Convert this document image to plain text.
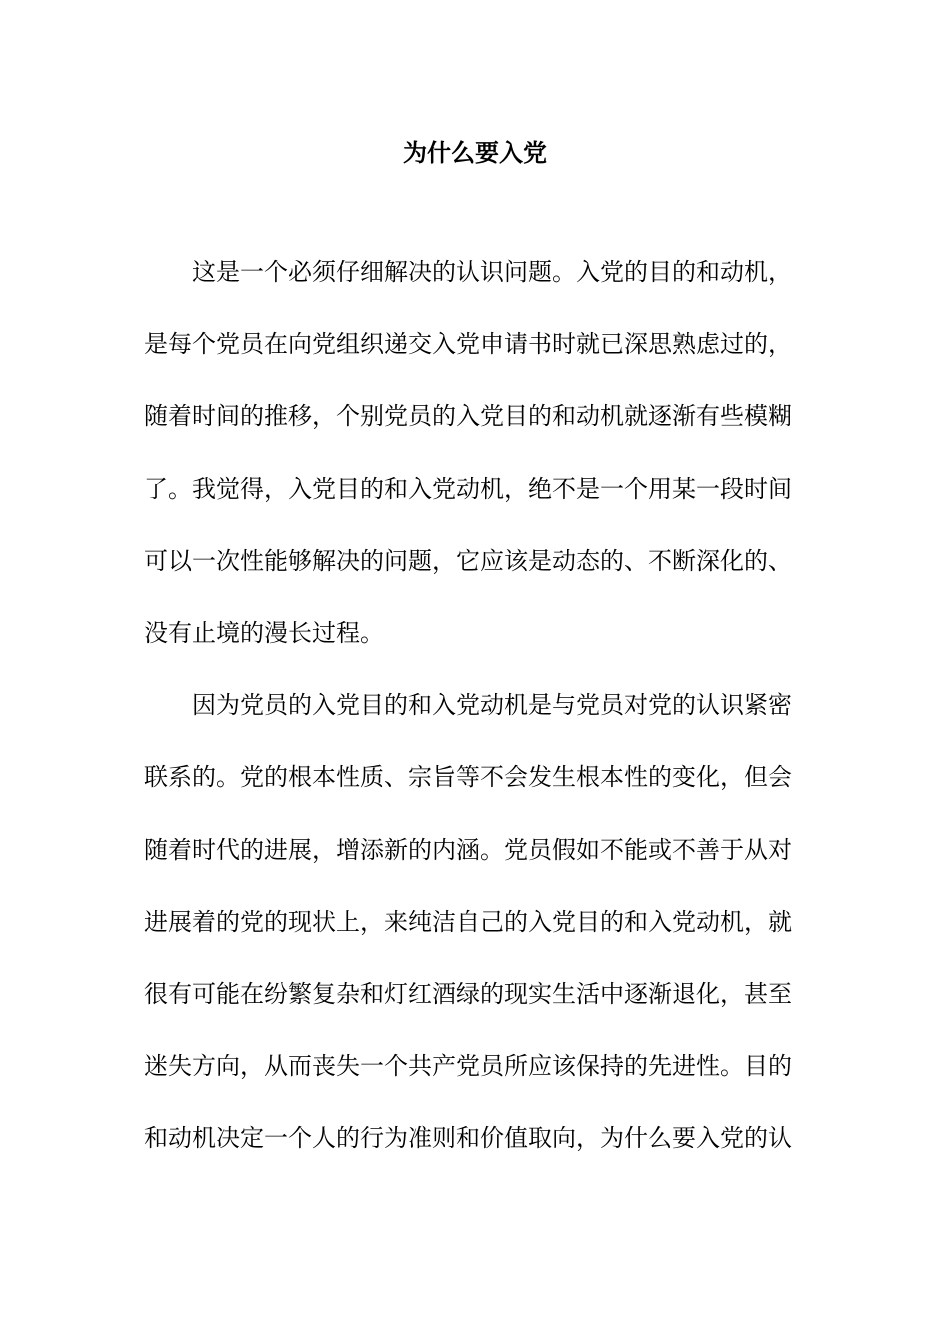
为什么要入党
这是一个必须仔细解决的认识问题。入党的目的和动机，
是每个党员在向党组织递交入党申请书时就已深思熟虑过的，
随着时间的推移，个别党员的入党目的和动机就逐渐有些模糊
了。我觉得，入党目的和入党动机，绝不是一个用某一段时间
可以一次性能够解决的问题，它应该是动态的、不断深化的、
没有止境的漫长过程。
因为党员的入党目的和入党动机是与党员对党的认识紧密
联系的。党的根本性质、宗旨等不会发生根本性的变化，但会
随着时代的进展，增添新的内涵。党员假如不能或不善于从对
进展着的党的现状上，来纯洁自己的入党目的和入党动机，就
很有可能在纷繁复杂和灯红酒绿的现实生活中逐渐退化，甚至
迷失方向，从而丧失一个共产党员所应该保持的先进性。目的
和动机决定一个人的行为准则和价值取向，为什么要入党的认
